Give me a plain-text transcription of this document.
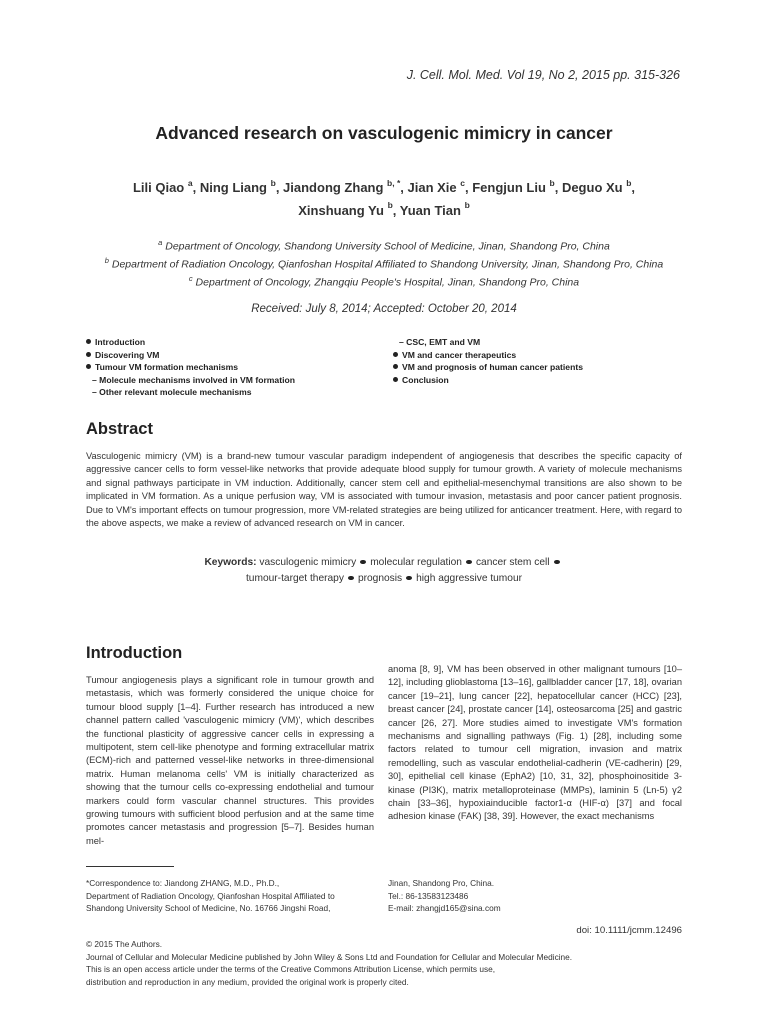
J. Cell. Mol. Med. Vol 19, No 2, 2015 pp. 315-326
Advanced research on vasculogenic mimicry in cancer
Lili Qiao $^a$, Ning Liang $^b$, Jiandong Zhang $^{b, *}$, Jian Xie $^c$, Fengjun Liu $^b$, Deguo Xu $^b$,
Xinshuang Yu $^b$, Yuan Tian $^b$
$^a$ Department of Oncology, Shandong University School of Medicine, Jinan, Shandong Pro, China
$^b$ Department of Radiation Oncology, Qianfoshan Hospital Affiliated to Shandong University, Jinan, Shandong Pro, China
$^c$ Department of Oncology, Zhangqiu People's Hospital, Jinan, Shandong Pro, China
Received: July 8, 2014; Accepted: October 20, 2014
Introduction
Discovering VM
Tumour VM formation mechanisms
– Molecule mechanisms involved in VM formation
– Other relevant molecule mechanisms
– CSC, EMT and VM
VM and cancer therapeutics
VM and prognosis of human cancer patients
Conclusion
Abstract
Vasculogenic mimicry (VM) is a brand-new tumour vascular paradigm independent of angiogenesis that describes the specific capacity of aggressive cancer cells to form vessel-like networks that provide adequate blood supply for tumour growth. A variety of molecule mechanisms and signal pathways participate in VM induction. Additionally, cancer stem cell and epithelial-mesenchymal transitions are also shown to be implicated in VM formation. As a unique perfusion way, VM is associated with tumour invasion, metastasis and poor cancer patient prognosis. Due to VM's important effects on tumour progression, more VM-related strategies are being utilized for anticancer treatment. Here, with regard to the above aspects, we make a review of advanced research on VM in cancer.
Keywords: vasculogenic mimicry molecular regulation cancer stem cell
tumour-target therapy prognosis high aggressive tumour
Introduction
Tumour angiogenesis plays a significant role in tumour growth and metastasis, which was formerly considered the unique choice for tumour blood supply [1–4]. Further research has introduced a new channel pattern called 'vasculogenic mimicry (VM)', which describes the functional plasticity of aggressive cancer cells in expressing a multipotent, stem cell-like phenotype and forming extracellular matrix (ECM)-rich and patterned vessel-like networks in three-dimensional matrix. Human melanoma cells' VM is initially characterized as showing that the tumour cells co-expressing endothelial and tumour markers could form vascular channel structures. This provides growing tumours with sufficient blood perfusion and at the same time promotes cancer metastasis and progression [5–7]. Besides human mel-
anoma [8, 9], VM has been observed in other malignant tumours [10–12], including glioblastoma [13–16], gallbladder cancer [17, 18], ovarian cancer [19–21], lung cancer [22], hepatocellular cancer (HCC) [23], breast cancer [24], prostate cancer [14], osteosarcoma [25] and gastric cancer [26, 27]. More studies aimed to investigate VM's formation mechanisms and signalling pathways (Fig. 1) [28], including some factors related to tumour cell migration, invasion and matrix remodelling, such as vascular endothelial-cadherin (VE-cadherin) [29, 30], epithelial cell kinase (EphA2) [10, 31, 32], phosphoinositide 3-kinase (PI3K), matrix metalloproteinase (MMPs), laminin 5 (Ln-5) γ2 chain [33–36], hypoxiainducible factor1-α (HIF-α) [37] and focal adhesion kinase (FAK) [38, 39]. However, the exact mechanisms
*Correspondence to: Jiandong ZHANG, M.D., Ph.D.,
Department of Radiation Oncology, Qianfoshan Hospital Affiliated to
Shandong University School of Medicine, No. 16766 Jingshi Road,
Jinan, Shandong Pro, China.
Tel.: 86-13583123486
E-mail: zhangjd165@sina.com
doi: 10.1111/jcmm.12496
© 2015 The Authors.
Journal of Cellular and Molecular Medicine published by John Wiley & Sons Ltd and Foundation for Cellular and Molecular Medicine.
This is an open access article under the terms of the Creative Commons Attribution License, which permits use,
distribution and reproduction in any medium, provided the original work is properly cited.
